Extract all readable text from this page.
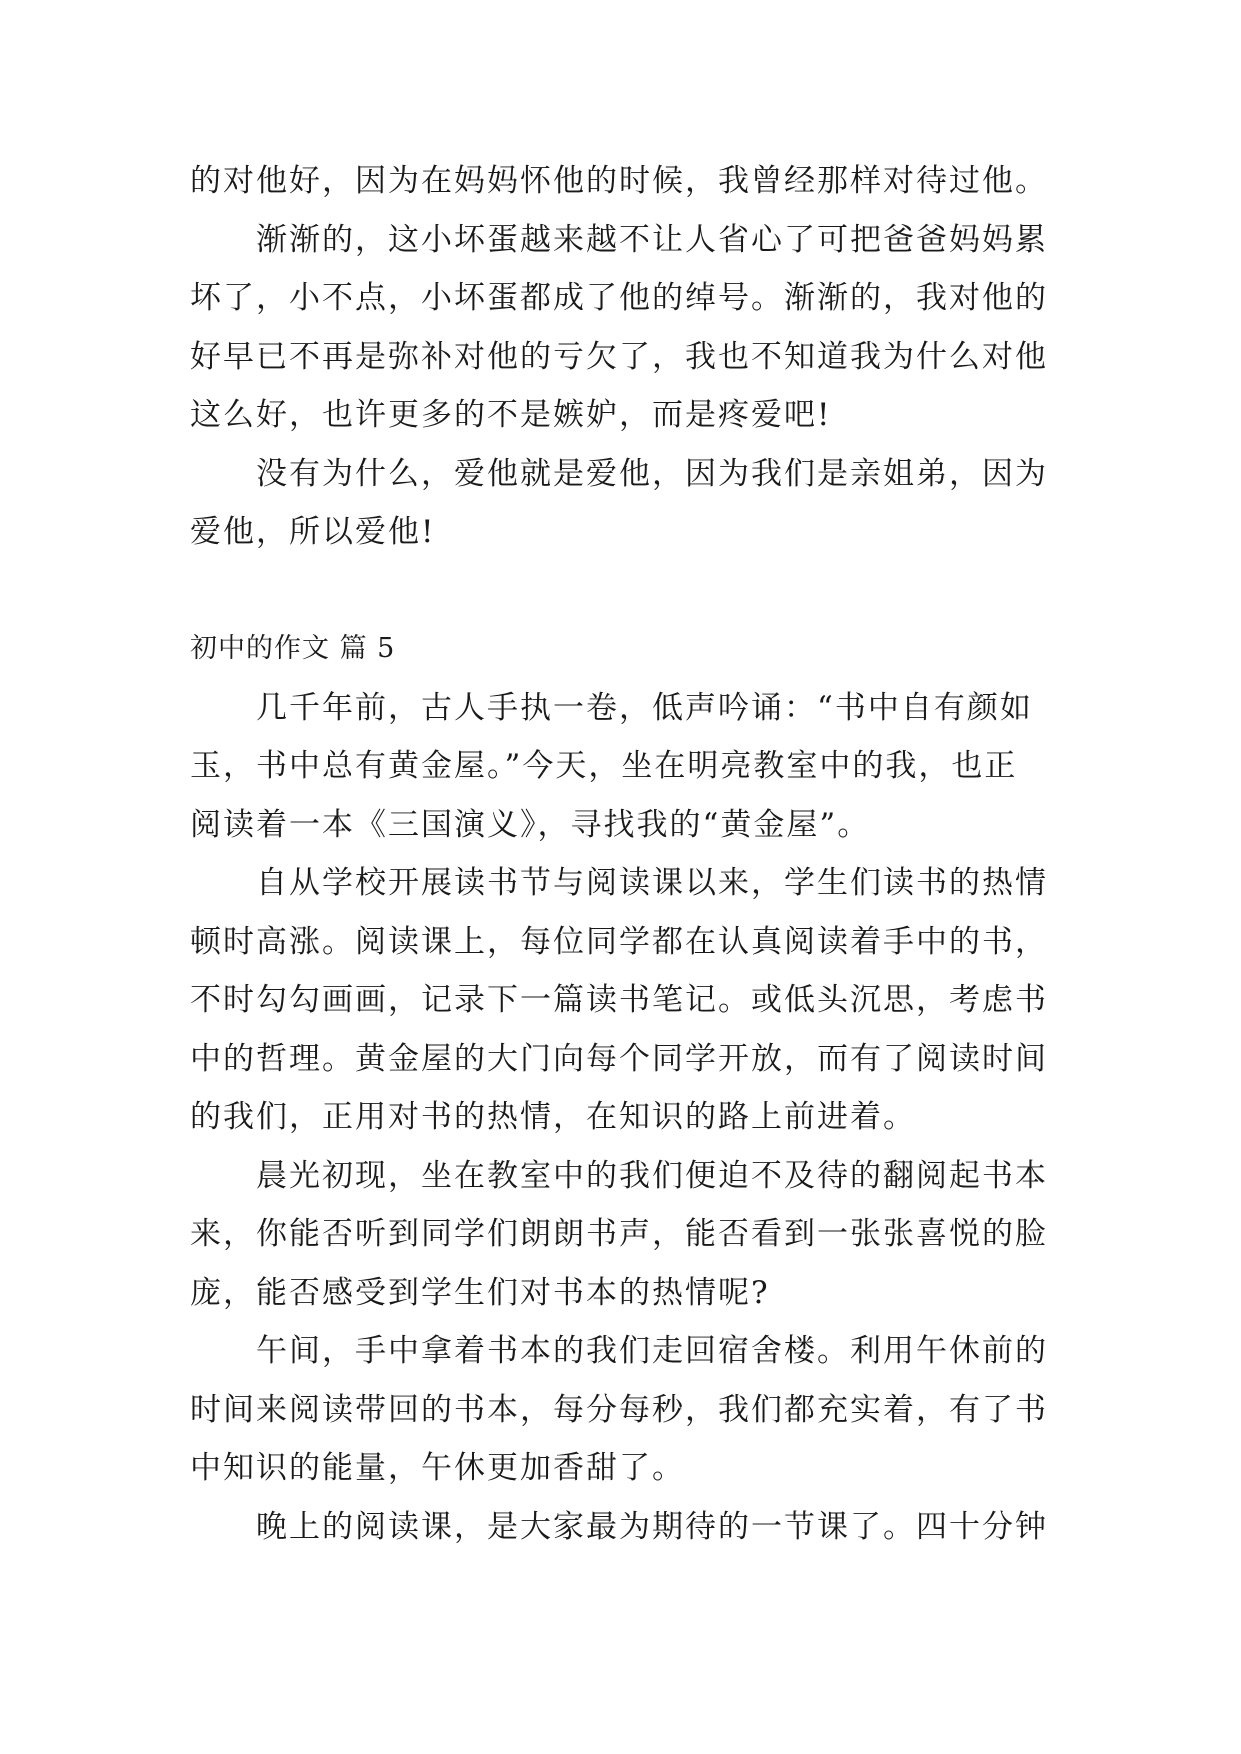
的对他好，因为在妈妈怀他的时候，我曾经那样对待过他。
渐渐的，这小坏蛋越来越不让人省心了可把爸爸妈妈累
坏了，小不点，小坏蛋都成了他的绰号。渐渐的，我对他的
好早已不再是弥补对他的亏欠了，我也不知道我为什么对他
这么好，也许更多的不是嫉妒，而是疼爱吧!
没有为什么，爱他就是爱他，因为我们是亲姐弟，因为
爱他，所以爱他!
初中的作文 篇 5
几千年前，古人手执一卷，低声吟诵：“书中自有颜如
玉，书中总有黄金屋。”今天，坐在明亮教室中的我，也正
阅读着一本《三国演义》，寻找我的“黄金屋”。
自从学校开展读书节与阅读课以来，学生们读书的热情
顿时高涨。阅读课上，每位同学都在认真阅读着手中的书，
不时勾勾画画，记录下一篇读书笔记。或低头沉思，考虑书
中的哲理。黄金屋的大门向每个同学开放，而有了阅读时间
的我们，正用对书的热情，在知识的路上前进着。
晨光初现，坐在教室中的我们便迫不及待的翻阅起书本
来，你能否听到同学们朗朗书声，能否看到一张张喜悦的脸
庞，能否感受到学生们对书本的热情呢?
午间，手中拿着书本的我们走回宿舍楼。利用午休前的
时间来阅读带回的书本，每分每秒，我们都充实着，有了书
中知识的能量，午休更加香甜了。
晚上的阅读课，是大家最为期待的一节课了。四十分钟
